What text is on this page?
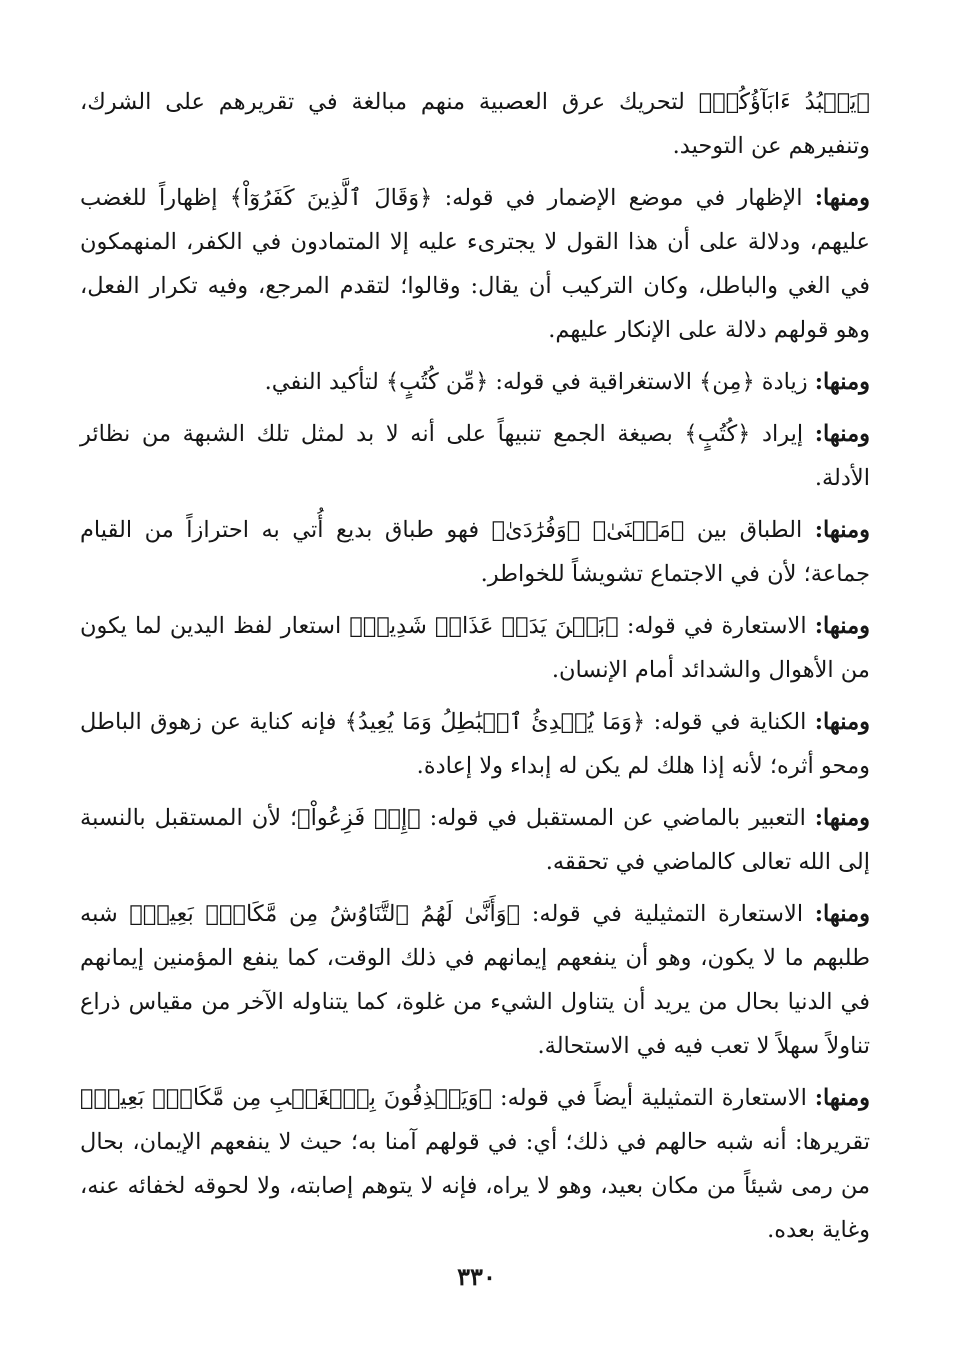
﴿يَعۡبُدُ ءَابَآؤُكُمۡ﴾ لتحريك عرق العصبية منهم مبالغة في تقريرهم على الشرك، وتنفيرهم عن التوحيد.

ومنها: الإظهار في موضع الإضمار في قوله: ﴿وَقَالَ ٱلَّذِينَ كَفَرُوٓاْ﴾ إظهاراً للغضب عليهم، ودلالة على أن هذا القول لا يجترىء عليه إلا المتمادون في الكفر، المنهمكون في الغي والباطل، وكان التركيب أن يقال: وقالوا؛ لتقدم المرجع، وفيه تكرار الفعل، وهو قولهم دلالة على الإنكار عليهم.

ومنها: زيادة ﴿مِن﴾ الاستغراقية في قوله: ﴿مِّن كُتُبٍ﴾ لتأكيد النفي.

ومنها: إيراد ﴿كُتُبٍ﴾ بصيغة الجمع تنبيهاً على أنه لا بد لمثل تلك الشبهة من نظائر الأدلة.

ومنها: الطباق بين ﴿مَثۡنَىٰ﴾ ﴿وَفُرَٰدَىٰ﴾ فهو طباق بديع أُتي به احترازاً من القيام جماعة؛ لأن في الاجتماع تشويشاً للخواطر.

ومنها: الاستعارة في قوله: ﴿بَيۡنَ يَدَيۡ عَذَابٖ شَدِيدٖ﴾ استعار لفظ اليدين لما يكون من الأهوال والشدائد أمام الإنسان.

ومنها: الكناية في قوله: ﴿وَمَا يُبۡدِئُ ٱلۡبَٰطِلُ وَمَا يُعِيدُ﴾ فإنه كناية عن زهوق الباطل ومحو أثره؛ لأنه إذا هلك لم يكن له إبداء ولا إعادة.

ومنها: التعبير بالماضي عن المستقبل في قوله: ﴿إِذۡ فَزِعُواْ﴾؛ لأن المستقبل بالنسبة إلى الله تعالى كالماضي في تحققه.

ومنها: الاستعارة التمثيلية في قوله: ﴿وَأَنَّىٰ لَهُمُ ٱلتَّنَاوُشُ مِن مَّكَانِۭ بَعِيدٖ﴾ شبه طلبهم ما لا يكون، وهو أن ينفعهم إيمانهم في ذلك الوقت، كما ينفع المؤمنين إيمانهم في الدنيا بحال من يريد أن يتناول الشيء من غلوة، كما يتناوله الآخر من مقياس ذراع تناولاً سهلاً لا تعب فيه في الاستحالة.

ومنها: الاستعارة التمثيلية أيضاً في قوله: ﴿وَيَقۡذِفُونَ بِٱلۡغَيۡبِ مِن مَّكَانِۭ بَعِيدٖ﴾ تقريرها: أنه شبه حالهم في ذلك؛ أي: في قولهم آمنا به؛ حيث لا ينفعهم الإيمان، بحال من رمى شيئاً من مكان بعيد، وهو لا يراه، فإنه لا يتوهم إصابته، ولا لحوقه لخفائه عنه، وغاية بعده.

٣٣٠
